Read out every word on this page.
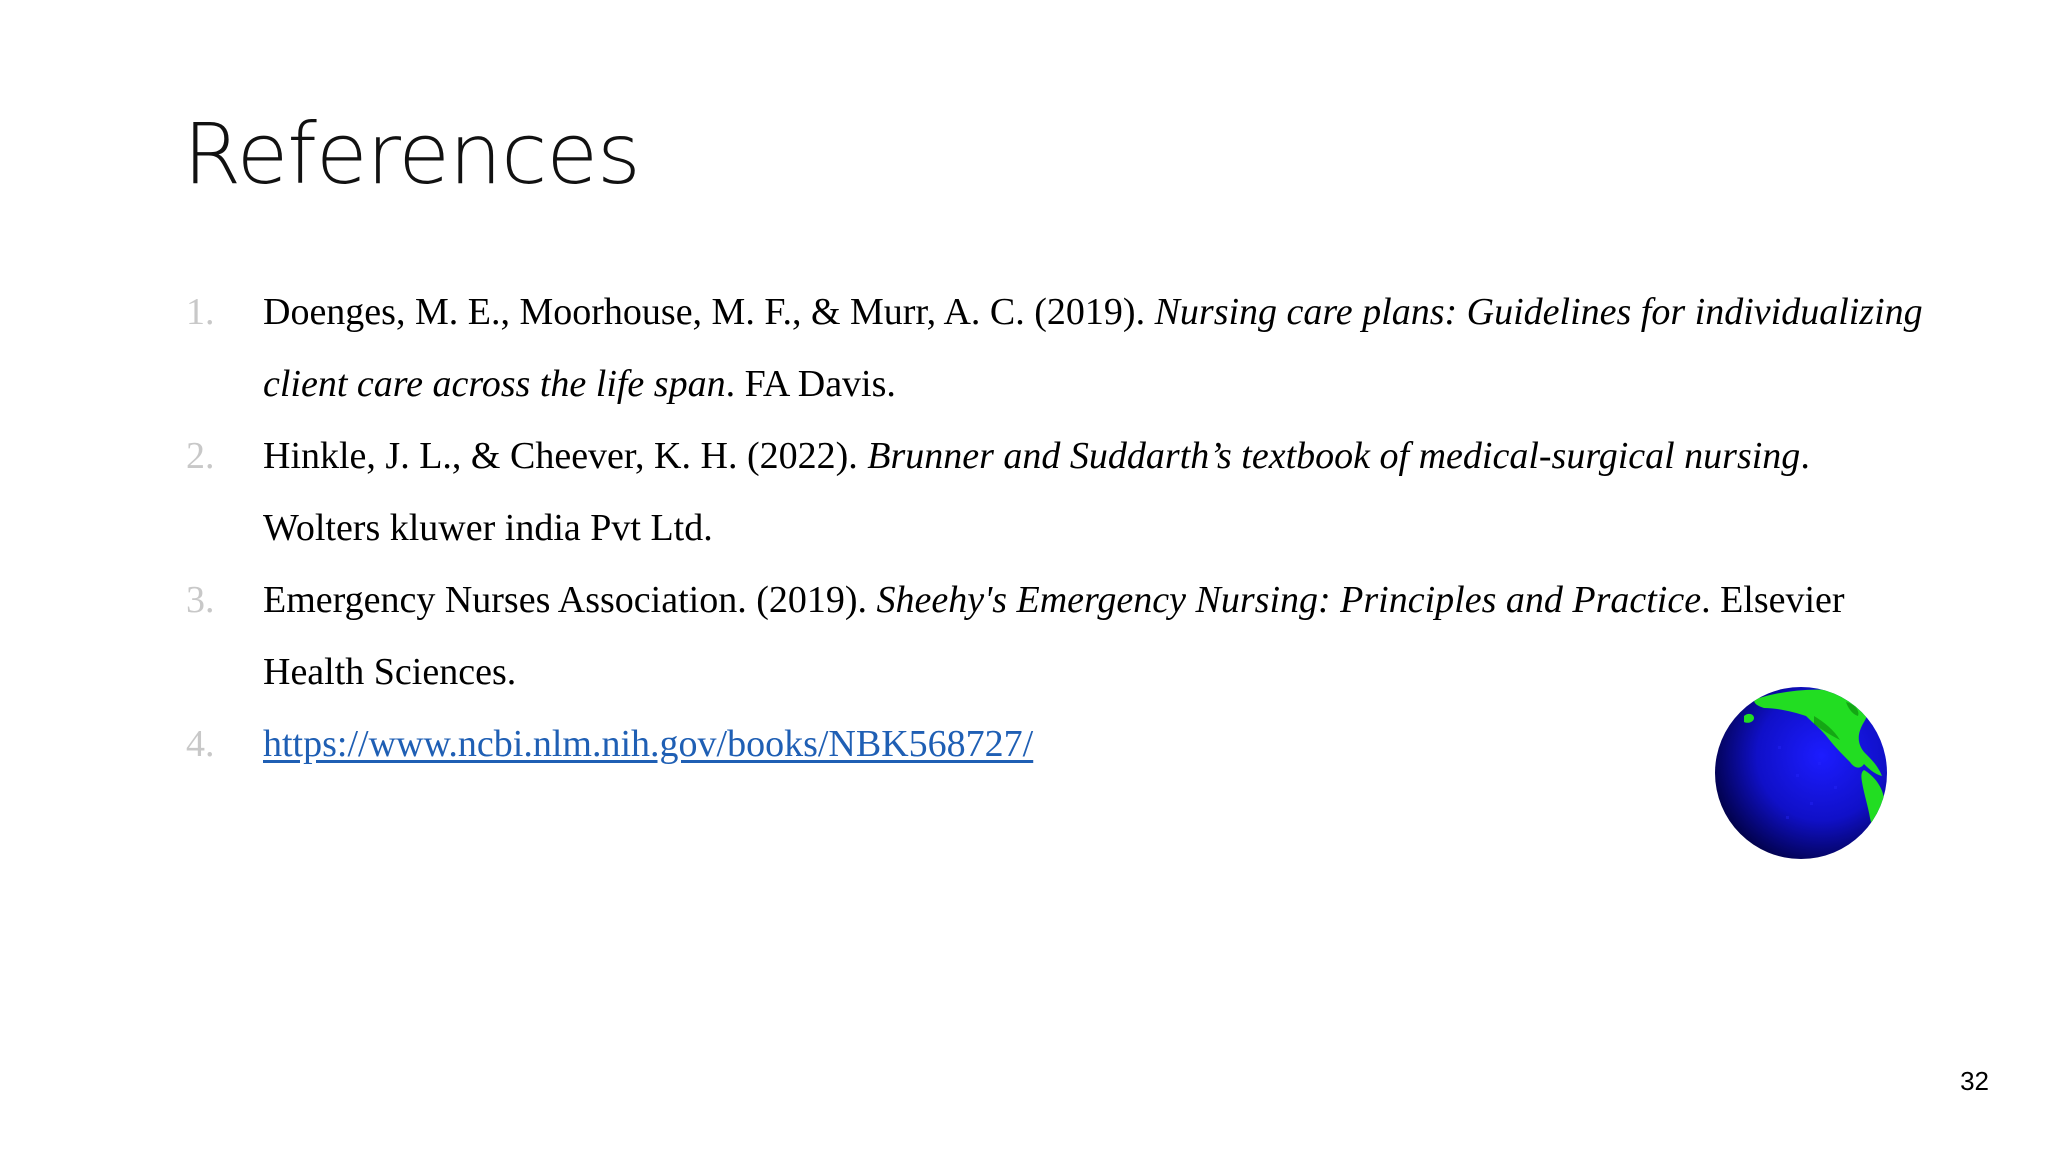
References
1.	Doenges, M. E., Moorhouse, M. F., & Murr, A. C. (2019). Nursing care plans: Guidelines for individualizing client care across the life span. FA Davis.
2.	Hinkle, J. L., & Cheever, K. H. (2022). Brunner and Suddarth’s textbook of medical-surgical nursing. Wolters kluwer india Pvt Ltd.
3.	Emergency Nurses Association. (2019). Sheehy's Emergency Nursing: Principles and Practice. Elsevier Health Sciences.
4.	https://www.ncbi.nlm.nih.gov/books/NBK568727/
32
